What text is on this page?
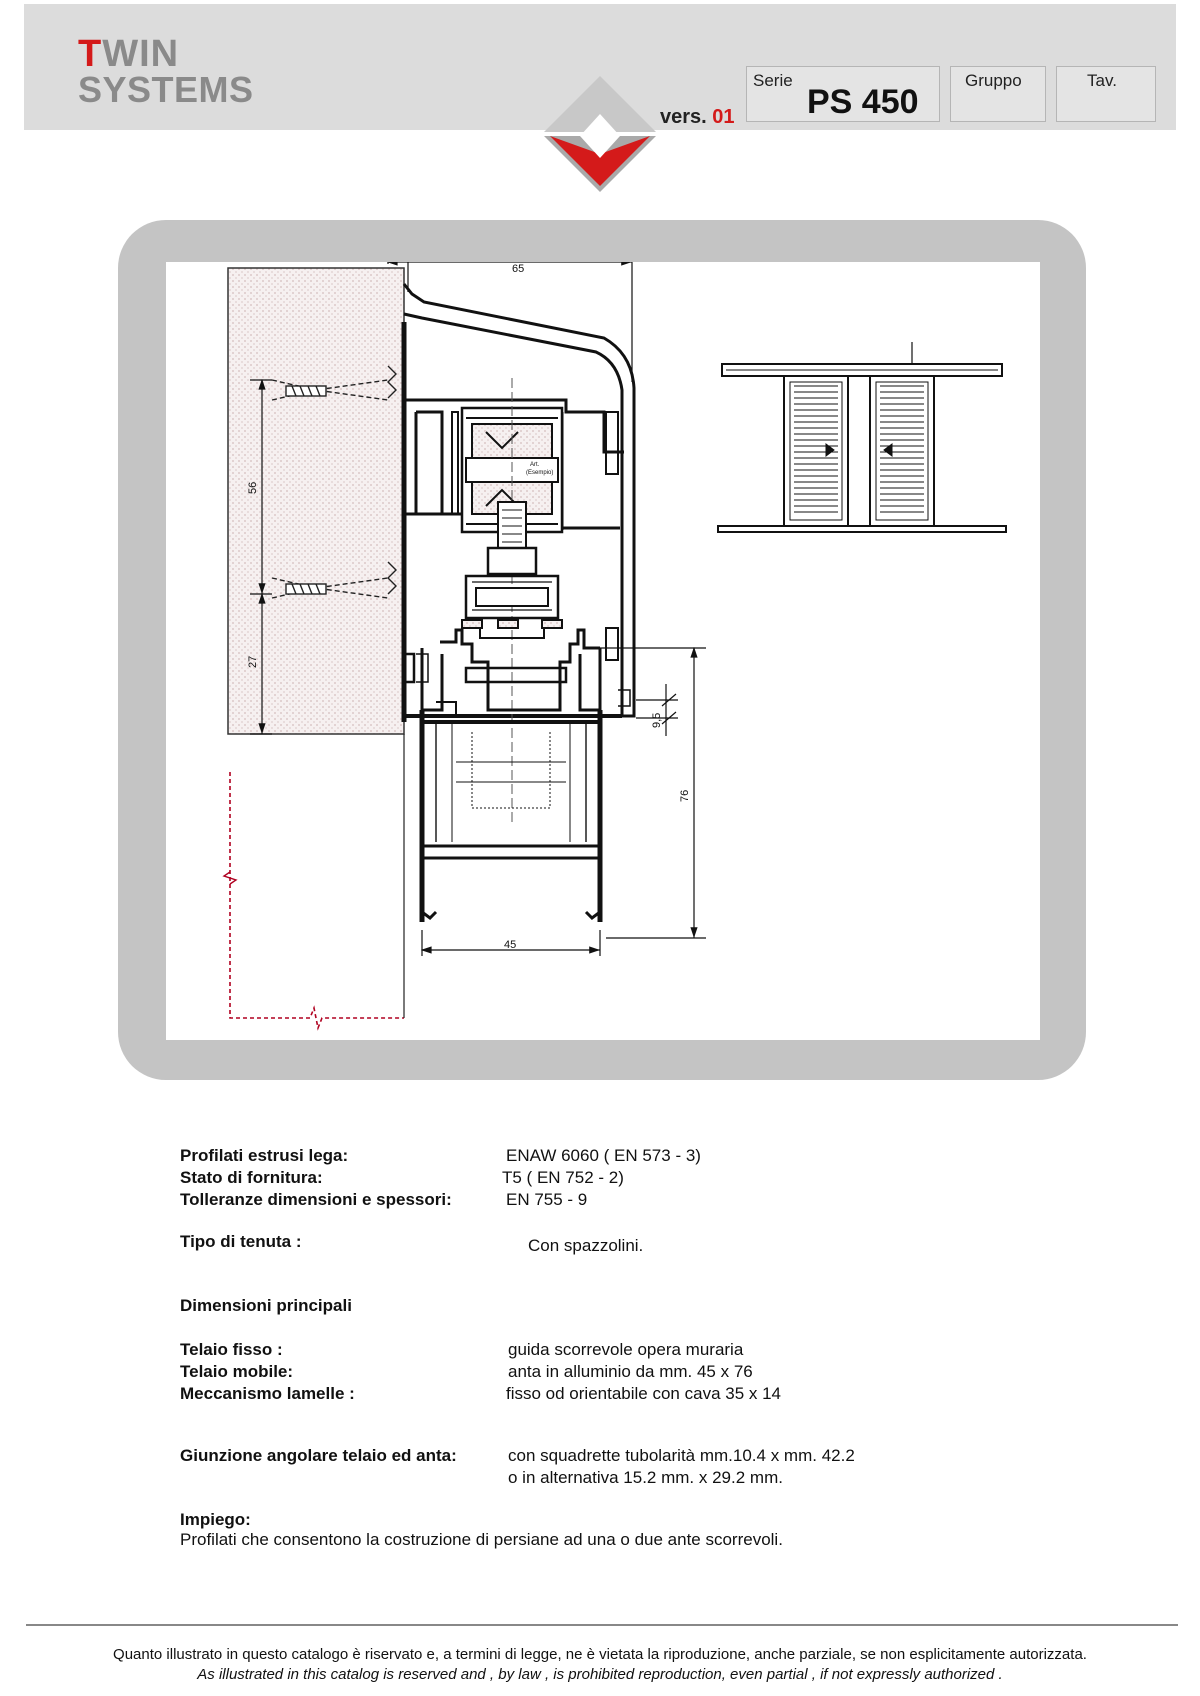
TWIN
SYSTEMS
vers. 01
Serie
PS 450
Gruppo	Tav.
Art.
(Esempio)
65
56
27
9,5
76
45
Profilati estrusi lega:	ENAW 6060 ( EN 573 - 3)
Stato di fornitura:	T5 ( EN 752 - 2)
Tolleranze dimensioni e spessori:	EN 755 - 9
Tipo di tenuta :	Con spazzolini.
Dimensioni principali
Telaio fisso :	guida scorrevole opera muraria
Telaio mobile:	anta in alluminio da mm. 45 x 76
Meccanismo lamelle :	fisso od orientabile con cava 35 x 14
Giunzione angolare telaio ed anta:	con squadrette tubolarità mm.10.4 x mm. 42.2
o in alternativa 15.2 mm. x 29.2 mm.
Impiego:
Profilati che consentono la costruzione di persiane ad una o due ante scorrevoli.
Quanto illustrato in questo catalogo è riservato e, a termini di legge, ne è vietata la riproduzione, anche parziale, se non esplicitamente autorizzata.
As illustrated in this catalog is reserved and , by law , is prohibited reproduction, even partial , if not expressly authorized .
